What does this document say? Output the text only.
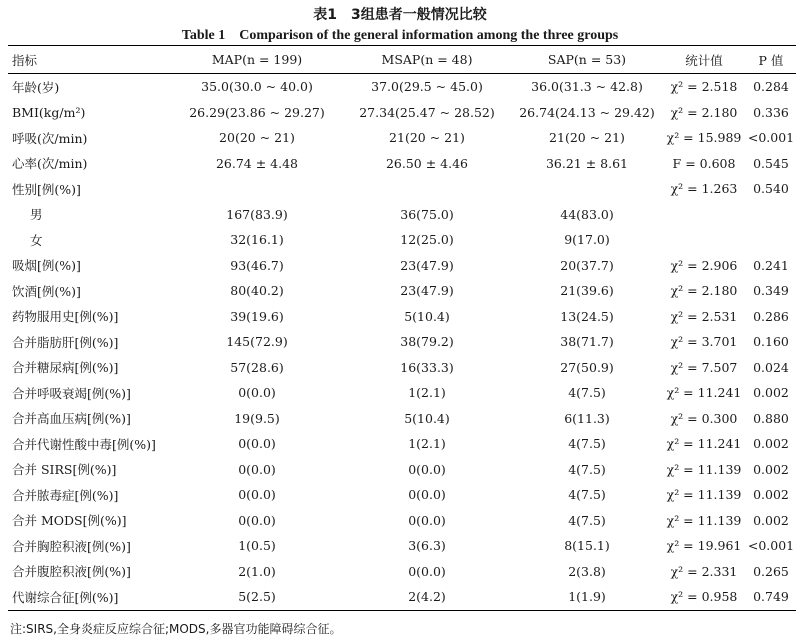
表1　3组患者一般情况比较
Table 1　Comparison of the general information among the three groups
指标	MAP(n = 199)	MSAP(n = 48)	SAP(n = 53)	统计值	P 值
年龄(岁)	35.0(30.0 ~ 40.0)	37.0(29.5 ~ 45.0)	36.0(31.3 ~ 42.8)	χ² = 2.518	0.284
BMI(kg/m²)	26.29(23.86 ~ 29.27)	27.34(25.47 ~ 28.52)	26.74(24.13 ~ 29.42)	χ² = 2.180	0.336
呼吸(次/min)	20(20 ~ 21)	21(20 ~ 21)	21(20 ~ 21)	χ² = 15.989	<0.001
心率(次/min)	26.74 ± 4.48	26.50 ± 4.46	36.21 ± 8.61	F = 0.608	0.545
性别[例(%)]				χ² = 1.263	0.540
男	167(83.9)	36(75.0)	44(83.0)		
女	32(16.1)	12(25.0)	9(17.0)		
吸烟[例(%)]	93(46.7)	23(47.9)	20(37.7)	χ² = 2.906	0.241
饮酒[例(%)]	80(40.2)	23(47.9)	21(39.6)	χ² = 2.180	0.349
药物服用史[例(%)]	39(19.6)	5(10.4)	13(24.5)	χ² = 2.531	0.286
合并脂肪肝[例(%)]	145(72.9)	38(79.2)	38(71.7)	χ² = 3.701	0.160
合并糖尿病[例(%)]	57(28.6)	16(33.3)	27(50.9)	χ² = 7.507	0.024
合并呼吸衰竭[例(%)]	0(0.0)	1(2.1)	4(7.5)	χ² = 11.241	0.002
合并高血压病[例(%)]	19(9.5)	5(10.4)	6(11.3)	χ² = 0.300	0.880
合并代谢性酸中毒[例(%)]	0(0.0)	1(2.1)	4(7.5)	χ² = 11.241	0.002
合并 SIRS[例(%)]	0(0.0)	0(0.0)	4(7.5)	χ² = 11.139	0.002
合并脓毒症[例(%)]	0(0.0)	0(0.0)	4(7.5)	χ² = 11.139	0.002
合并 MODS[例(%)]	0(0.0)	0(0.0)	4(7.5)	χ² = 11.139	0.002
合并胸腔积液[例(%)]	1(0.5)	3(6.3)	8(15.1)	χ² = 19.961	<0.001
合并腹腔积液[例(%)]	2(1.0)	0(0.0)	2(3.8)	χ² = 2.331	0.265
代谢综合征[例(%)]	5(2.5)	2(4.2)	1(1.9)	χ² = 0.958	0.749
注:SIRS,全身炎症反应综合征;MODS,多器官功能障碍综合征。
